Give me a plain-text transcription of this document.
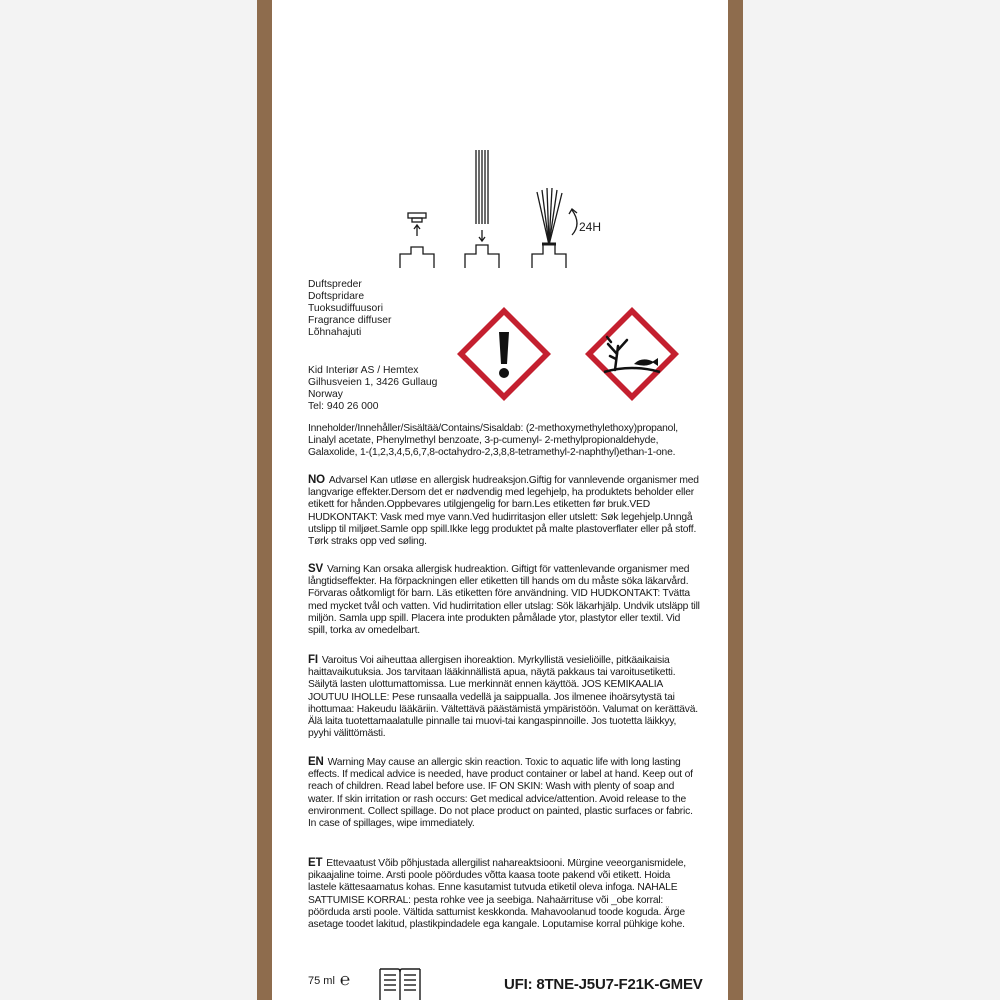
24H
Duftspreder
Doftspridare
Tuoksudiffuusori
Fragrance diffuser
Lõhnahajuti
Kid Interiør AS / Hemtex
Gilhusveien 1, 3426 Gullaug
Norway
Tel: 940 26 000
Inneholder/Innehåller/Sisältää/Contains/Sisaldab: (2-methoxymethylethoxy)propanol, Linalyl acetate, Phenylmethyl benzoate, 3-p-cumenyl- 2-methylpropionaldehyde, Galaxolide, 1-(1,2,3,4,5,6,7,8-octahydro-2,3,8,8-tetramethyl-2-naphthyl)ethan-1-one.
NO Advarsel Kan utløse en allergisk hudreaksjon.Giftig for vannlevende organismer med langvarige effekter.Dersom det er nødvendig med legehjelp, ha produktets beholder eller etikett for hånden.Oppbevares utilgjengelig for barn.Les etiketten før bruk.VED HUDKONTAKT: Vask med mye vann.Ved hudirritasjon eller utslett: Søk legehjelp.Unngå utslipp til miljøet.Samle opp spill.Ikke legg produktet på malte plastoverflater eller på stoff. Tørk straks opp ved søling.
SV Varning Kan orsaka allergisk hudreaktion. Giftigt för vattenlevande organismer med långtidseffekter. Ha förpackningen eller etiketten till hands om du måste söka läkarvård. Förvaras oåtkomligt för barn. Läs etiketten före användning. VID HUDKONTAKT: Tvätta med mycket tvål och vatten. Vid hudirritation eller utslag: Sök läkarhjälp. Undvik utsläpp till miljön. Samla upp spill. Placera inte produkten påmålade ytor, plastytor eller textil. Vid spill, torka av omedelbart.
FI Varoitus Voi aiheuttaa allergisen ihoreaktion. Myrkyllistä vesieliöille, pitkäaikaisia haittavaikutuksia. Jos tarvitaan lääkinnällistä apua, näytä pakkaus tai varoitusetiketti. Säilytä lasten ulottumattomissa. Lue merkinnät ennen käyttöä. JOS KEMIKAALIA JOUTUU IHOLLE: Pese runsaalla vedellä ja saippualla. Jos ilmenee ihoärsytystä tai ihottumaa: Hakeudu lääkäriin. Vältettävä päästämistä ympäristöön. Valumat on kerättävä. Älä laita tuotettamaalatulle pinnalle tai muovi-tai kangaspinnoille. Jos tuotetta läikkyy, pyyhi välittömästi.
EN Warning May cause an allergic skin reaction. Toxic to aquatic life with long lasting effects. If medical advice is needed, have product container or label at hand. Keep out of reach of children. Read label before use. IF ON SKIN: Wash with plenty of soap and water. If skin irritation or rash occurs: Get medical advice/attention. Avoid release to the environment. Collect spillage. Do not place product on painted, plastic surfaces or fabric. In case of spillages, wipe immediately.
ET Ettevaatust Võib põhjustada allergilist nahareaktsiooni. Mürgine veeorganismidele, pikaajaline toime. Arsti poole pöördudes võtta kaasa toote pakend või etikett. Hoida lastele kättesaamatus kohas. Enne kasutamist tutvuda etiketil oleva infoga. NAHALE SATTUMISE KORRAL: pesta rohke vee ja seebiga. Nahaärrituse või _obe korral: pöörduda arsti poole. Vältida sattumist keskkonda. Mahavoolanud toode koguda. Ärge asetage toodet lakitud, plastikpindadele ega kangale. Loputamise korral pühkige kohe.
75 ml ℮	UFI: 8TNE-J5U7-F21K-GMEV
